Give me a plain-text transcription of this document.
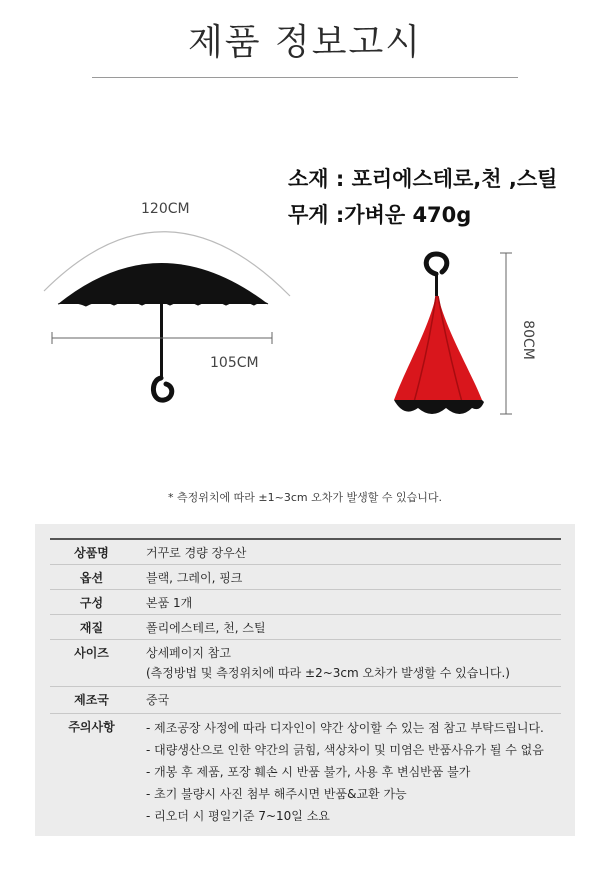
제품 정보고시
120CM
105CM
80CM
소재 : 포리에스테로,천 ,스틸
무게 :가벼운 470g
* 측정위치에 따라 ±1~3cm 오차가 발생할 수 있습니다.
상품명	거꾸로 경량 장우산
옵션	블랙, 그레이, 핑크
구성	본품 1개
재질	폴리에스테르, 천, 스틸
사이즈	상세페이지 참고
(측정방법 및 측정위치에 따라 ±2~3cm 오차가 발생할 수 있습니다.)

제조국	중국
주의사항	- 제조공장 사정에 따라 디자인이 약간 상이할 수 있는 점 참고 부탁드립니다.
- 대량생산으로 인한 약간의 긁힘, 색상차이 및 미염은 반품사유가 될 수 없음
- 개봉 후 제품, 포장 훼손 시 반품 불가, 사용 후 변심반품 불가
- 초기 불량시 사진 첨부 해주시면 반품&교환 가능
- 리오더 시 평일기준 7~10일 소요
